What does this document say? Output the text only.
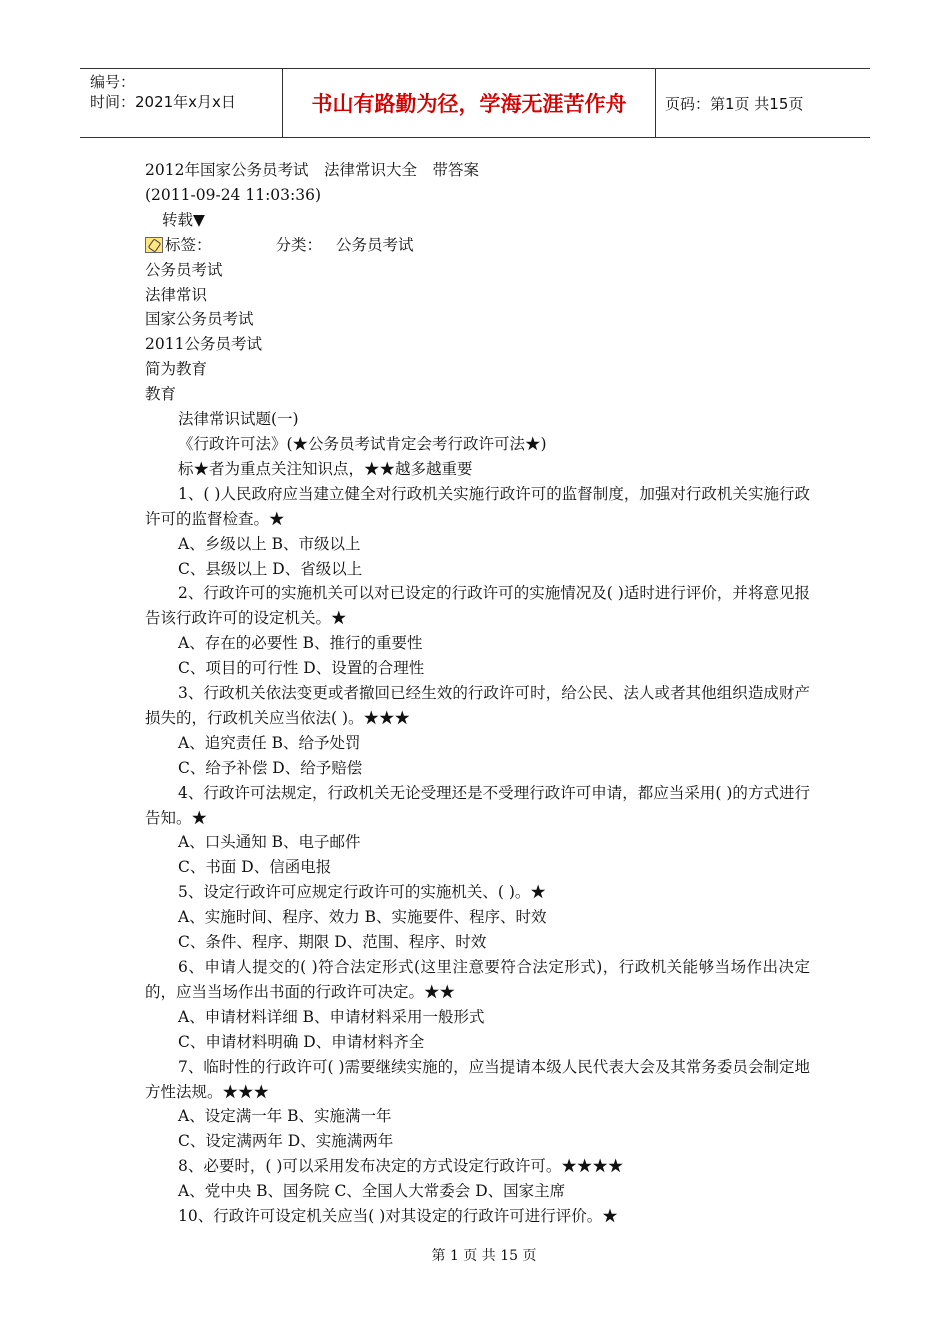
编号：
时间：2021年x月x日	书山有路勤为径，学海无涯苦作舟	页码：第1页 共15页
2012年国家公务员考试　法律常识大全　带答案
(2011-09-24 11:03:36)
转载▼
标签：	分类： 公务员考试
公务员考试
法律常识
国家公务员考试
2011公务员考试
简为教育
教育
法律常识试题(一)
《行政许可法》(★公务员考试肯定会考行政许可法★)
标★者为重点关注知识点，★★越多越重要
1、( )人民政府应当建立健全对行政机关实施行政许可的监督制度，加强对行政机关实施行政许可的监督检查。★
A、乡级以上 B、市级以上
C、县级以上 D、省级以上
2、行政许可的实施机关可以对已设定的行政许可的实施情况及( )适时进行评价，并将意见报告该行政许可的设定机关。★
A、存在的必要性 B、推行的重要性
C、项目的可行性 D、设置的合理性
3、行政机关依法变更或者撤回已经生效的行政许可时，给公民、法人或者其他组织造成财产损失的，行政机关应当依法( )。★★★
A、追究责任 B、给予处罚
C、给予补偿 D、给予赔偿
4、行政许可法规定，行政机关无论受理还是不受理行政许可申请，都应当采用( )的方式进行告知。★
A、口头通知 B、电子邮件
C、书面 D、信函电报
5、设定行政许可应规定行政许可的实施机关、( )。★
A、实施时间、程序、效力 B、实施要件、程序、时效
C、条件、程序、期限 D、范围、程序、时效
6、申请人提交的( )符合法定形式(这里注意要符合法定形式)，行政机关能够当场作出决定的，应当当场作出书面的行政许可决定。★★
A、申请材料详细 B、申请材料采用一般形式
C、申请材料明确 D、申请材料齐全
7、临时性的行政许可( )需要继续实施的，应当提请本级人民代表大会及其常务委员会制定地方性法规。★★★
A、设定满一年 B、实施满一年
C、设定满两年 D、实施满两年
8、必要时，( )可以采用发布决定的方式设定行政许可。★★★★
A、党中央 B、国务院 C、全国人大常委会 D、国家主席
10、行政许可设定机关应当( )对其设定的行政许可进行评价。★
第 1 页 共 15 页
